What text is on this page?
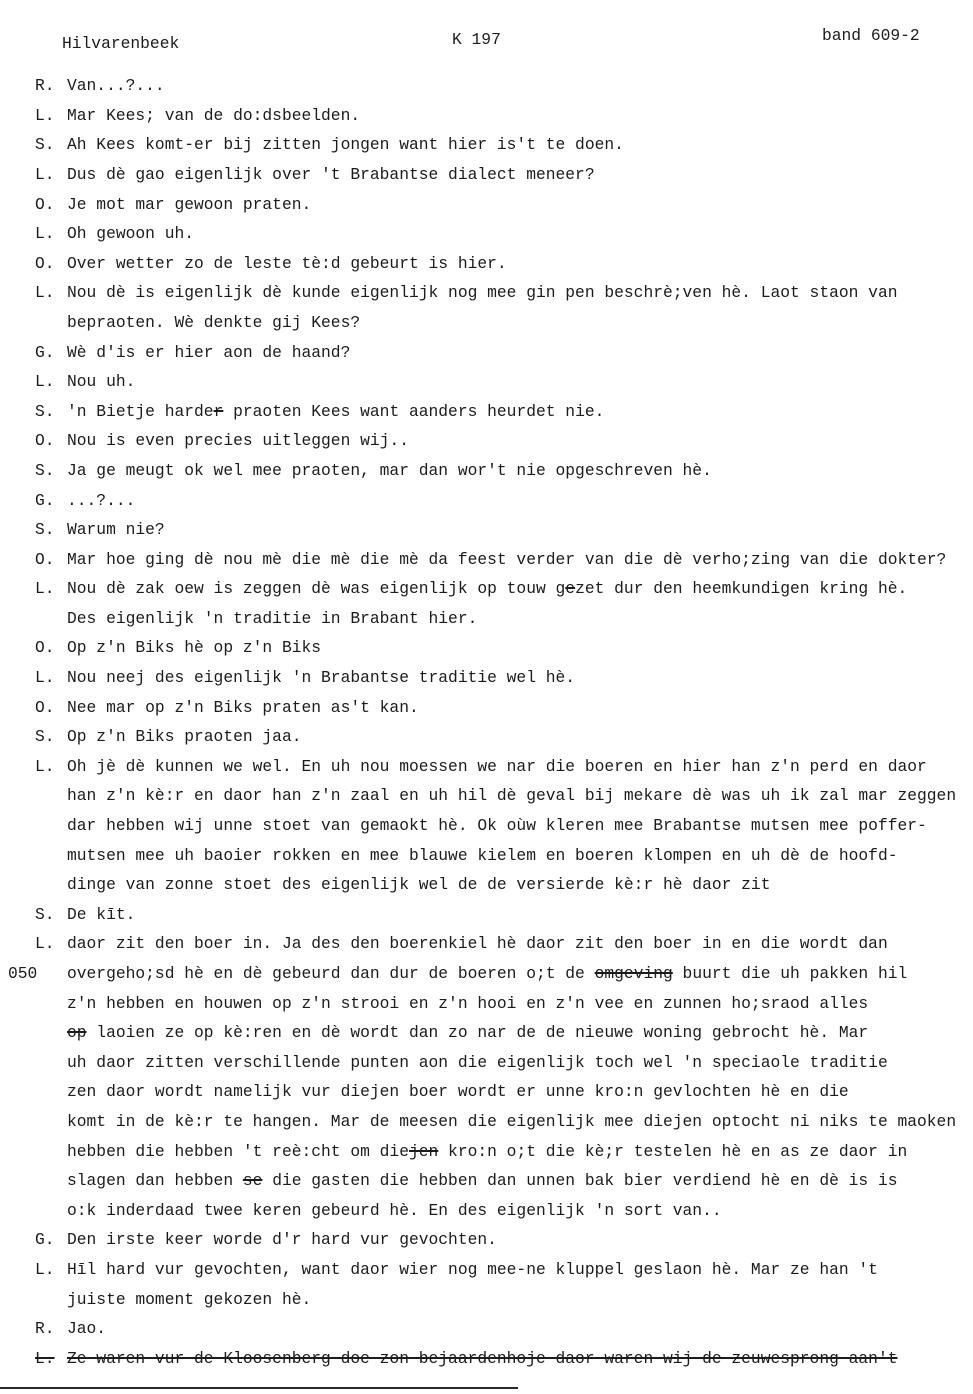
Hilvarenbeek	K 197	band 609-2
R. Van...?...
L. Mar Kees; van de do:dsbeelden.
S. Ah Kees komt-er bij zitten jongen want hier is't te doen.
L. Dus dè gao eigenlijk over 't Brabantse dialect meneer?
O. Je mot mar gewoon praten.
L. Oh gewoon uh.
O. Over wetter zo de leste tè:d gebeurt is hier.
L. Nou dè is eigenlijk dè kunde eigenlijk nog mee gin pen beschrè;ven hè. Laot staon van
bepraoten. Wè denkte gij Kees?
G. Wè d'is er hier aon de haand?
L. Nou uh.
S. 'n Bietje harder praoten Kees want aanders heurdet nie.
O. Nou is even precies uitleggen wij..
S. Ja ge meugt ok wel mee praoten, mar dan wor't nie opgeschreven hè.
G. ...?...
S. Warum nie?
O. Mar hoe ging dè nou mè die mè die mè da feest verder van die dè verho;zing van die dokter?
L. Nou dè zak oew is zeggen dè was eigenlijk op touw gezet dur den heemkundigen kring hè.
Des eigenlijk 'n traditie in Brabant hier.
O. Op z'n Biks hè op z'n Biks
L. Nou neej des eigenlijk 'n Brabantse traditie wel hè.
O. Nee mar op z'n Biks praten as't kan.
S. Op z'n Biks praoten jaa.
L. Oh jè dè kunnen we wel. En uh nou moessen we nar die boeren en hier han z'n perd en daor
han z'n kè:r en daor han z'n zaal en uh hil dè geval bij mekare dè was uh ik zal mar zeggen
dar hebben wij unne stoet van gemaokt hè. Ok oùw kleren mee Brabantse mutsen mee poffer-
mutsen mee uh baoier rokken en mee blauwe kielem en boeren klompen en uh dè de hoofd-
dinge van zonne stoet des eigenlijk wel de de versierde kè:r hè daor zit
S. De kīt.
L. daor zit den boer in. Ja des den boerenkiel hè daor zit den boer in en die wordt dan
050 overgeho;sd hè en dè gebeurd dan dur de boeren o;t de omgeving buurt die uh pakken hil
z'n hebben en houwen op z'n strooi en z'n hooi en z'n vee en zunnen ho;sraod alles
op laoien ze op kè:ren en dè wordt dan zo nar de de nieuwe woning gebrocht hè. Mar
uh daor zitten verschillende punten aon die eigenlijk toch wel 'n speciaole traditie
zen daor wordt namelijk vur diejen boer wordt er unne kro:n gevlochten hè en die
komt in de kè:r te hangen. Mar de meesen die eigenlijk mee diejen optocht ni niks te maoken
hebben die hebben 't reè:cht om diejen kro:n o;t die kè;r testelen hè en as ze daor in
slagen dan hebben se die gasten die hebben dan unnen bak bier verdiend hè en dè is is
o:k inderdaad twee keren gebeurd hè. En des eigenlijk 'n sort van..
G. Den irste keer worde d'r hard vur gevochten.
L. Hīl hard vur gevochten, want daor wier nog mee-ne kluppel geslaon hè. Mar ze han 't
juiste moment gekozen hè.
R. Jao.
L. Ze waren vur de Kloosenberg doe zon bejaardenhoje daor waren wij de zeuwesprong aan't
